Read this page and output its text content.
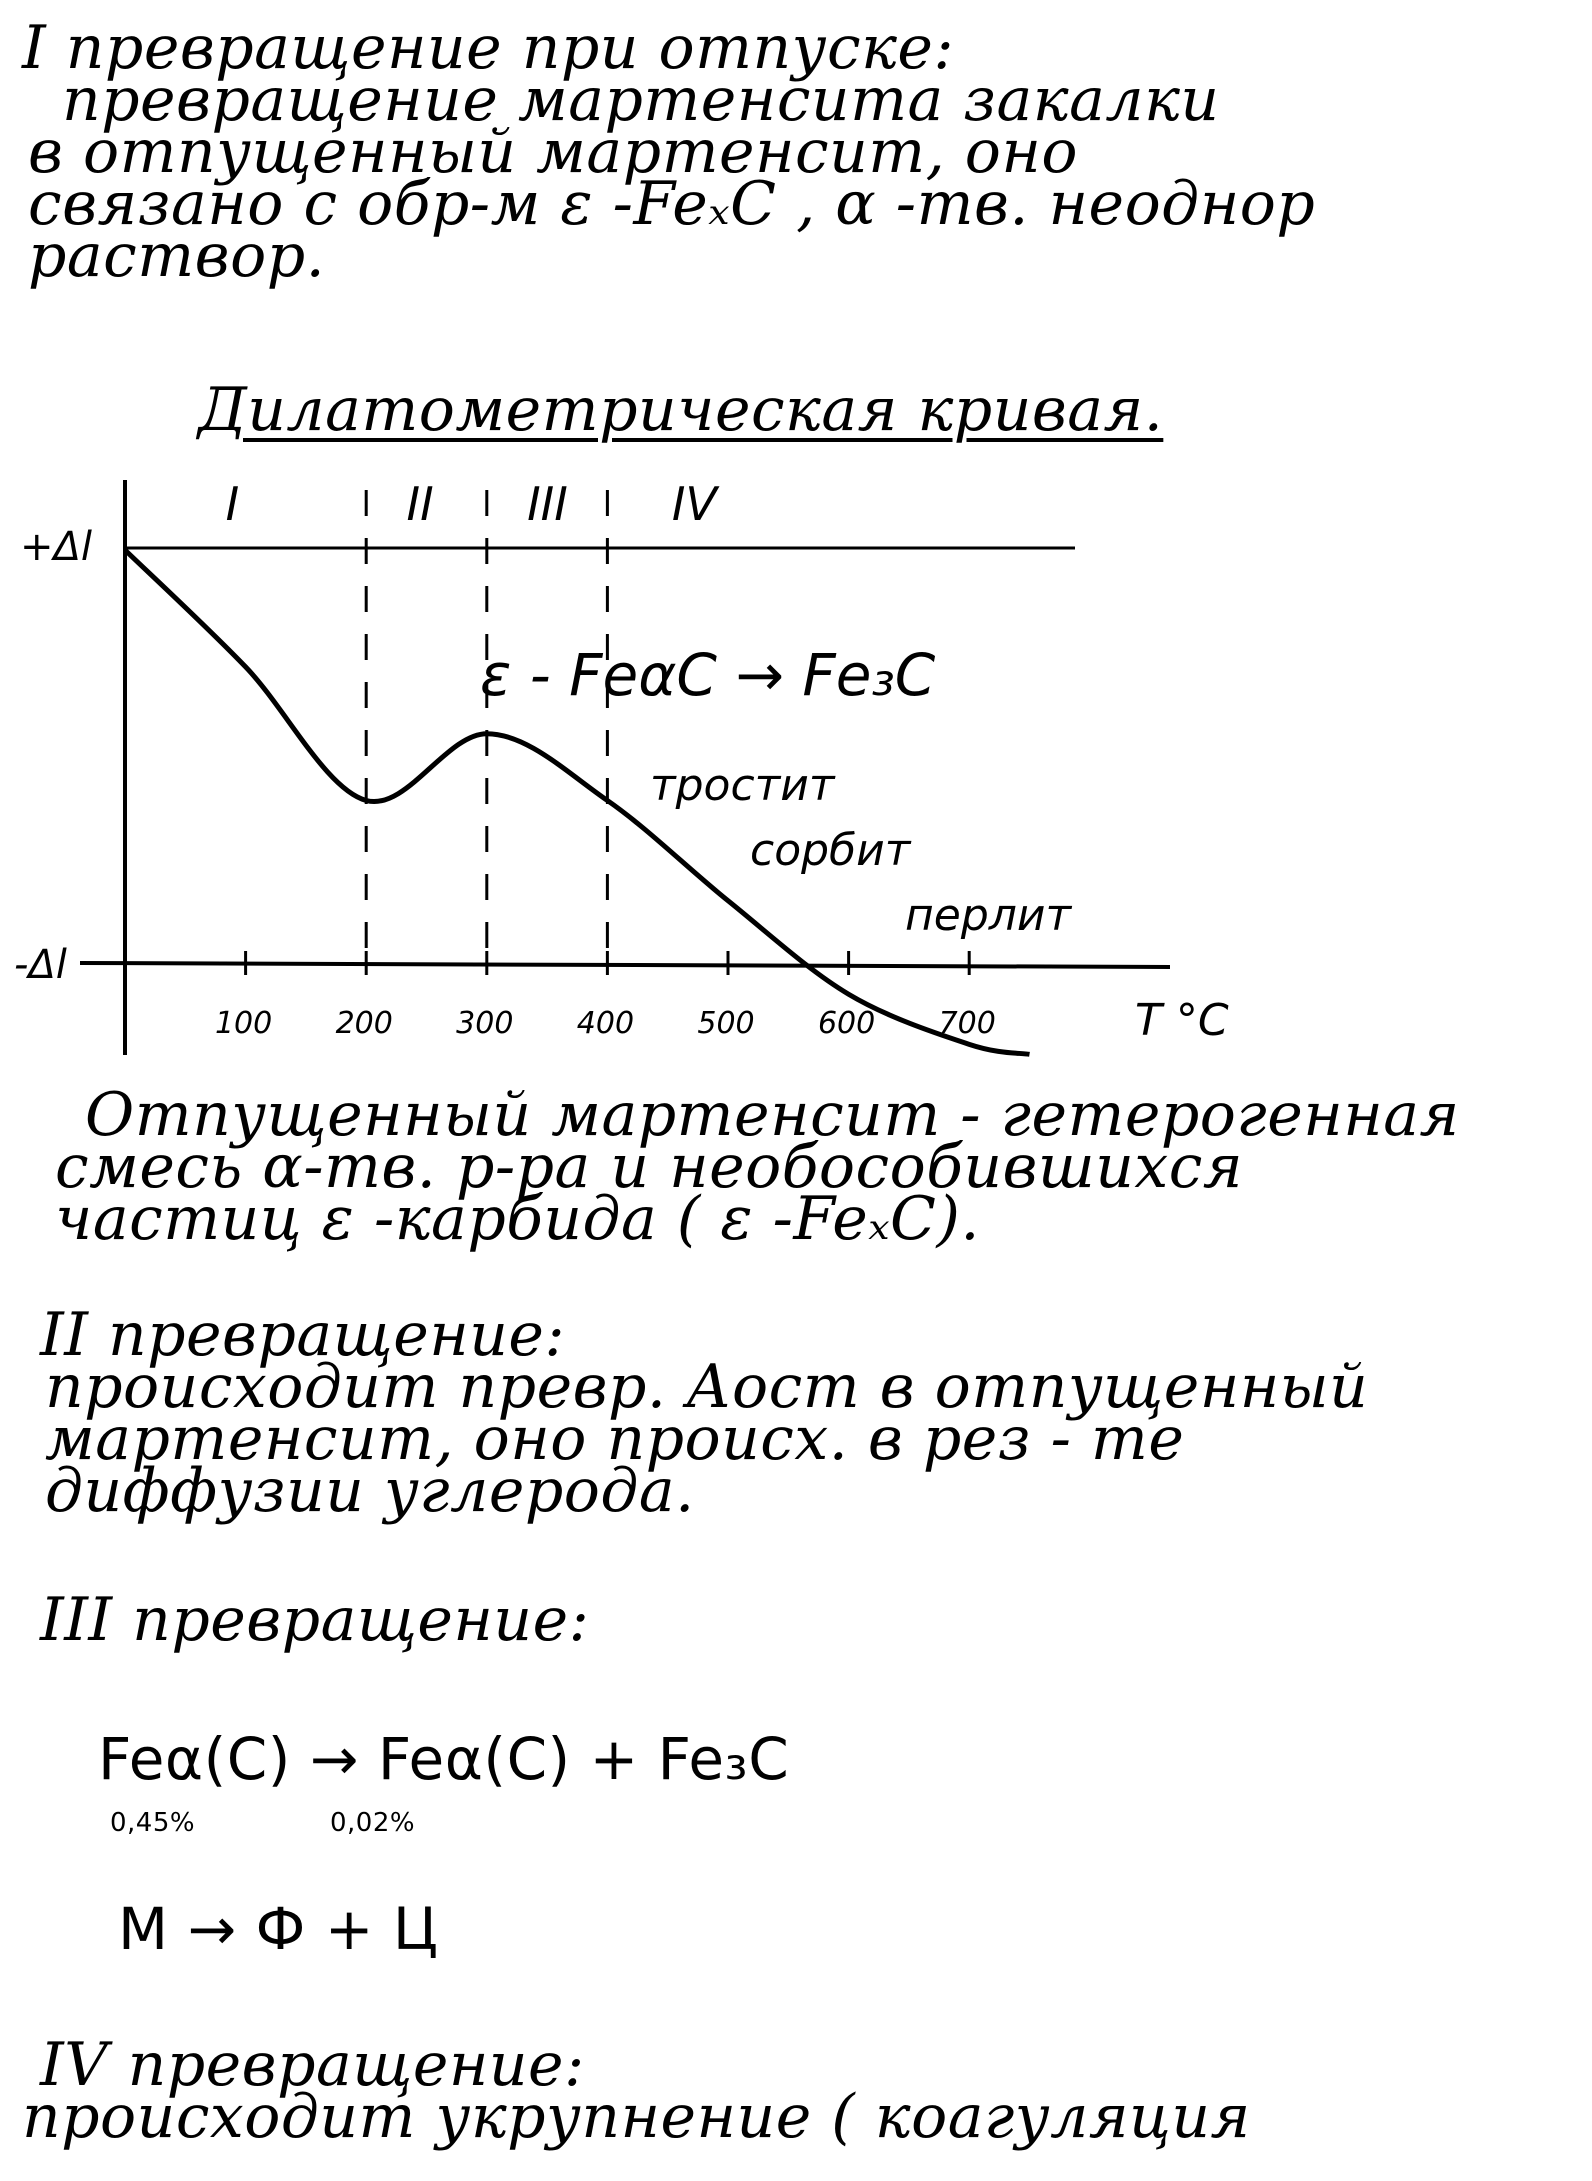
I превращение при отпуске:
превращение мартенсита закалки
в отпущенный мартенсит, оно
связано с обр-м ε -FeₓC , α -тв. неоднор
раствор.
Дилатометрическая кривая.
I	II III IV
+Δl
-Δl
100 200 300 400 500 600 700	T °C
ε - FeαC → Fe₃C
тростит
сорбит
перлит
Отпущенный мартенсит - гетерогенная
смесь α-тв. р-ра и необособившихся
частиц ε -карбида ( ε -FeₓC).
II превращение:
происходит превр. Аост в отпущенный
мартенсит, оно происх. в рез - те
диффузии углерода.
III превращение:
Feα(C) → Feα(C) + Fe₃C
0,45%	0,02%
М → Ф + Ц
IV превращение:
происходит укрупнение ( коагуляция
